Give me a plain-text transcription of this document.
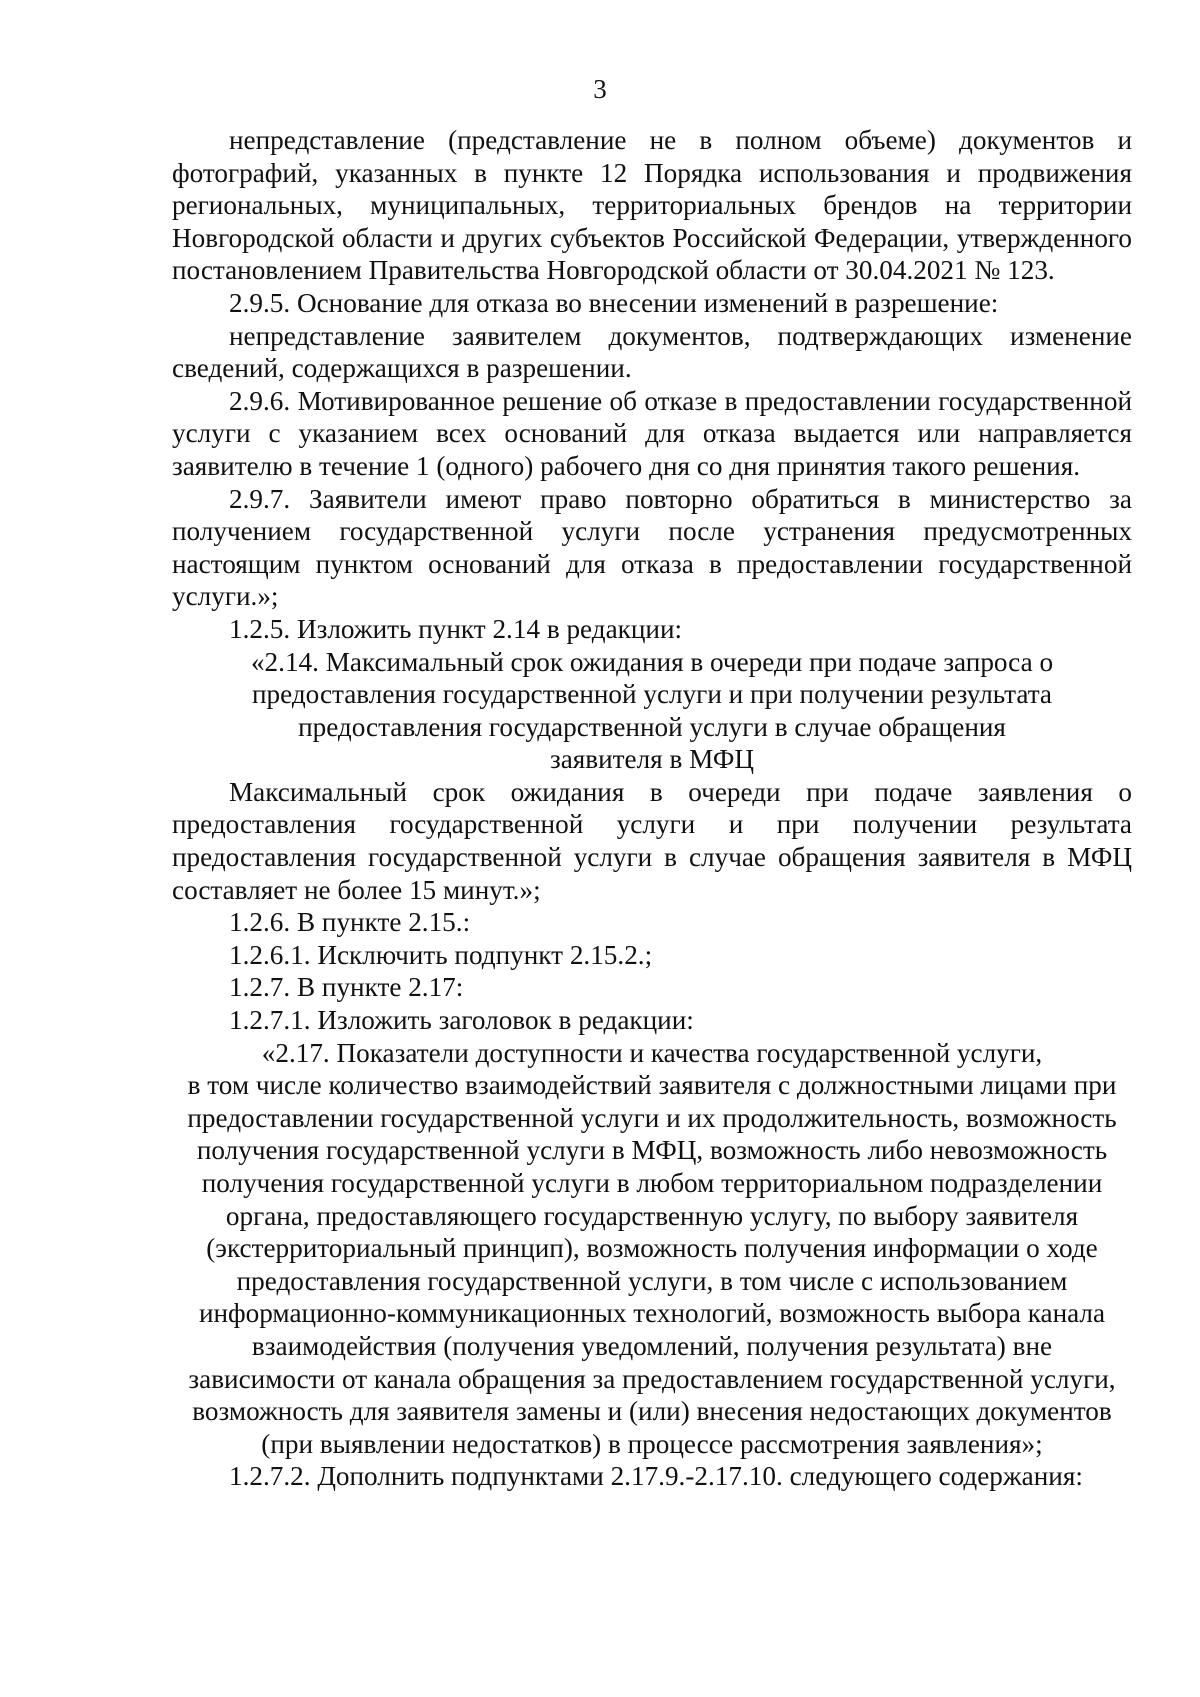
3

непредставление (представление не в полном объеме) документов и фотографий, указанных в пункте 12 Порядка использования и продвижения региональных, муниципальных, территориальных брендов на территории Новгородской области и других субъектов Российской Федерации, утвержденного постановлением Правительства Новгородской области от 30.04.2021 № 123.

2.9.5. Основание для отказа во внесении изменений в разрешение:

непредставление заявителем документов, подтверждающих изменение сведений, содержащихся в разрешении.

2.9.6. Мотивированное решение об отказе в предоставлении государственной услуги с указанием всех оснований для отказа выдается или направляется заявителю в течение 1 (одного) рабочего дня со дня принятия такого решения.

2.9.7. Заявители имеют право повторно обратиться в министерство за получением государственной услуги после устранения предусмотренных настоящим пунктом оснований для отказа в предоставлении государственной услуги.»;

1.2.5. Изложить пункт 2.14 в редакции:

«2.14. Максимальный срок ожидания в очереди при подаче запроса о
предоставления государственной услуги и при получении результата
предоставления государственной услуги в случае обращения
заявителя в МФЦ

Максимальный срок ожидания в очереди при подаче заявления о предоставления государственной услуги и при получении результата предоставления государственной услуги в случае обращения заявителя в МФЦ составляет не более 15 минут.»;

1.2.6. В пункте 2.15.:

1.2.6.1. Исключить подпункт 2.15.2.;

1.2.7. В пункте 2.17:

1.2.7.1. Изложить заголовок в редакции:

«2.17. Показатели доступности и качества государственной услуги,
в том числе количество взаимодействий заявителя с должностными лицами при
предоставлении государственной услуги и их продолжительность, возможность
получения государственной услуги в МФЦ, возможность либо невозможность
получения государственной услуги в любом территориальном подразделении
органа, предоставляющего государственную услугу, по выбору заявителя
(экстерриториальный принцип), возможность получения информации о ходе
предоставления государственной услуги, в том числе с использованием
информационно-коммуникационных технологий, возможность выбора канала
взаимодействия (получения уведомлений, получения результата) вне
зависимости от канала обращения за предоставлением государственной услуги,
возможность для заявителя замены и (или) внесения недостающих документов
(при выявлении недостатков) в процессе рассмотрения заявления»;

1.2.7.2. Дополнить подпунктами 2.17.9.-2.17.10. следующего содержания:
